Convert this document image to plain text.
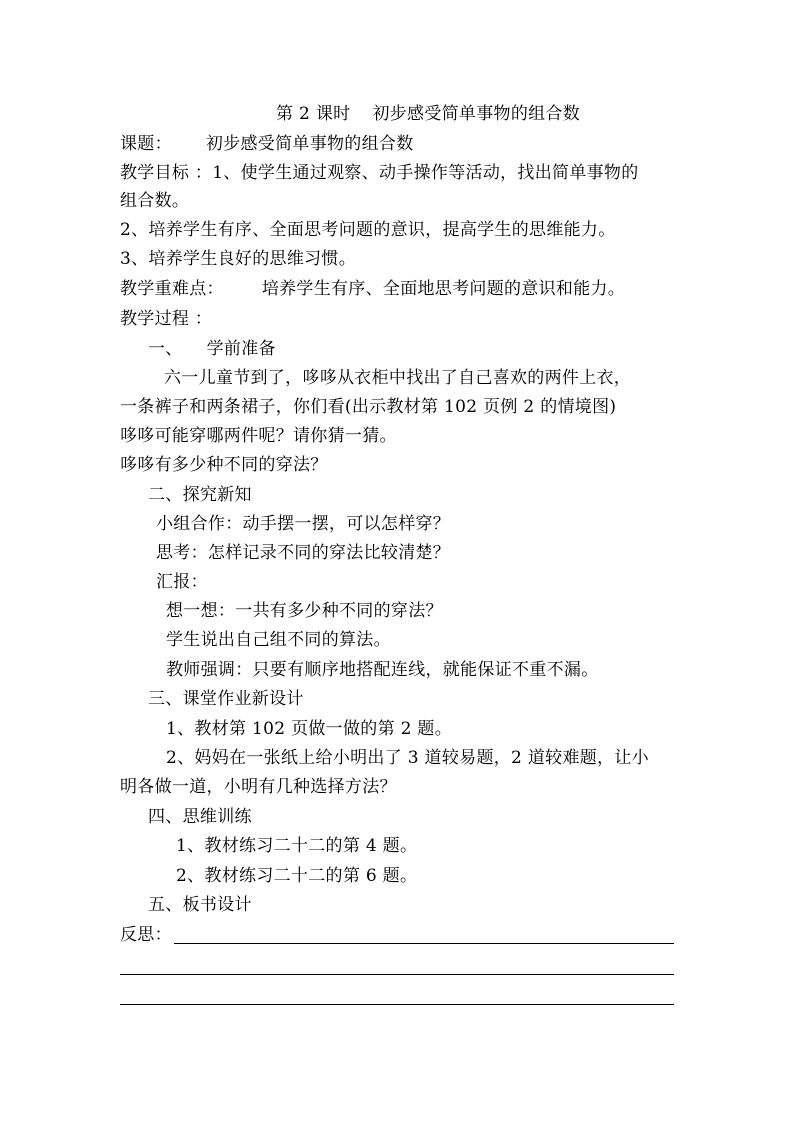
第 2 课时 初步感受简单事物的组合数
课题： 初步感受简单事物的组合数
教学目标 ：1、使学生通过观察、动手操作等活动，找出简单事物的
组合数。
2、培养学生有序、全面思考问题的意识，提高学生的思维能力。
3、培养学生良好的思维习惯。
教学重难点： 培养学生有序、全面地思考问题的意识和能力。
教学过程 ：
一、 学前准备
六一儿童节到了，哆哆从衣柜中找出了自己喜欢的两件上衣，
一条裤子和两条裙子，你们看(出示教材第 102 页例 2 的情境图)
哆哆可能穿哪两件呢？请你猜一猜。
哆哆有多少种不同的穿法？
二、探究新知
小组合作：动手摆一摆，可以怎样穿？
思考：怎样记录不同的穿法比较清楚？
汇报：
想一想：一共有多少种不同的穿法？
学生说出自己组不同的算法。
教师强调：只要有顺序地搭配连线，就能保证不重不漏。
三、课堂作业新设计
1、教材第 102 页做一做的第 2 题。
2、妈妈在一张纸上给小明出了 3 道较易题，2 道较难题，让小
明各做一道，小明有几种选择方法？
四、思维训练
1、教材练习二十二的第 4 题。
2、教材练习二十二的第 6 题。
五、板书设计
反思：
